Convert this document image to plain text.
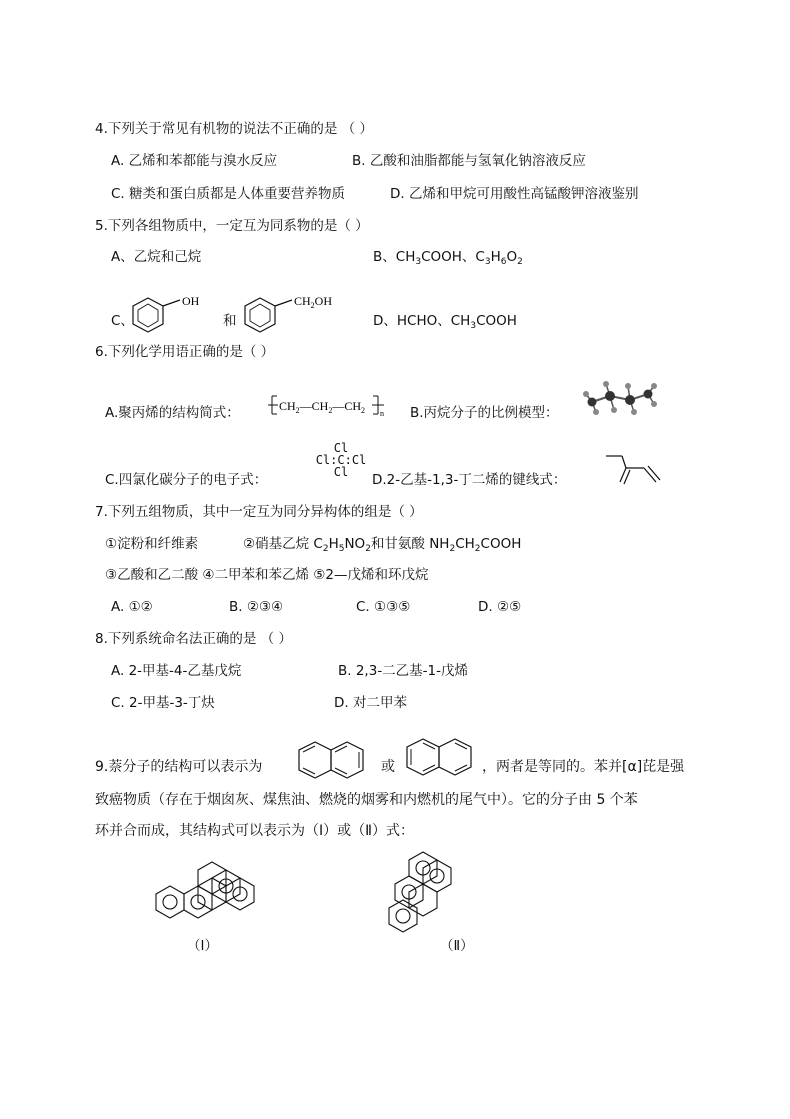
4.下列关于常见有机物的说法不正确的是 （ ）
A. 乙烯和苯都能与溴水反应	B. 乙酸和油脂都能与氢氧化钠溶液反应
C. 糖类和蛋白质都是人体重要营养物质	D. 乙烯和甲烷可用酸性高锰酸钾溶液鉴别
5.下列各组物质中，一定互为同系物的是（ ）
A、乙烷和己烷	B、$CH_3COOH$、$C_3H_6O_2$
C、
OH
和
$CH_2OH$
D、HCHO、$CH_3COOH$
6.下列化学用语正确的是（ ）
A.聚丙烯的结构简式：	$CH_2—CH_2—CH_2$ n B.丙烷分子的比例模型：
C.四氯化碳分子的电子式：
Cl
Cl:C:Cl
Cl	D.2-乙基-1,3-丁二烯的键线式：
7.下列五组物质，其中一定互为同分异构体的组是（ ）
①淀粉和纤维素	②硝基乙烷 $C_2H_5NO_2$和甘氨酸 $NH_2CH_2COOH$
③乙酸和乙二酸 ④二甲苯和苯乙烯 ⑤2—戊烯和环戊烷
A. ①②	B. ②③④	C. ①③⑤	D. ②⑤
8.下列系统命名法正确的是 （ ）
A. 2-甲基-4-乙基戊烷	B. 2,3-二乙基-1-戊烯
C. 2-甲基-3-丁炔	D. 对二甲苯
9.萘分子的结构可以表示为	或	，两者是等同的。苯并[α]芘是强
致癌物质（存在于烟囱灰、煤焦油、燃烧的烟雾和内燃机的尾气中）。它的分子由 5 个苯
环并合而成，其结构式可以表示为（Ⅰ）或（Ⅱ）式：
（Ⅰ）	（Ⅱ）
